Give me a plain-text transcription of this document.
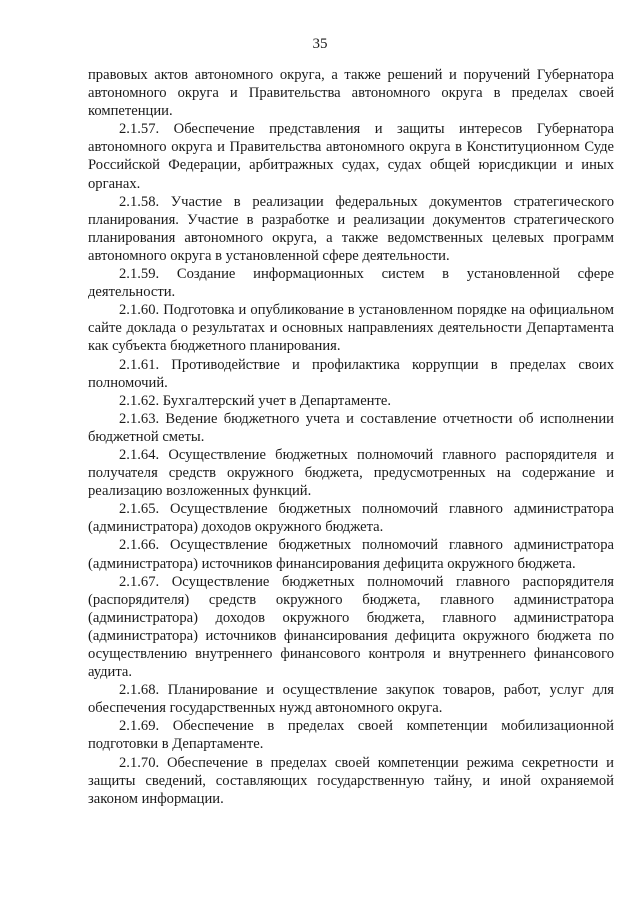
35

правовых актов автономного округа, а также решений и поручений Губернатора автономного округа и Правительства автономного округа в пределах своей компетенции.

2.1.57. Обеспечение представления и защиты интересов Губернатора автономного округа и Правительства автономного округа в Конституционном Суде Российской Федерации, арбитражных судах, судах общей юрисдикции и иных органах.

2.1.58. Участие в реализации федеральных документов стратегического планирования. Участие в разработке и реализации документов стратегического планирования автономного округа, а также ведомственных целевых программ автономного округа в установленной сфере деятельности.

2.1.59. Создание информационных систем в установленной сфере деятельности.

2.1.60. Подготовка и опубликование в установленном порядке на официальном сайте доклада о результатах и основных направлениях деятельности Департамента как субъекта бюджетного планирования.

2.1.61. Противодействие и профилактика коррупции в пределах своих полномочий.

2.1.62. Бухгалтерский учет в Департаменте.

2.1.63. Ведение бюджетного учета и составление отчетности об исполнении бюджетной сметы.

2.1.64. Осуществление бюджетных полномочий главного распорядителя и получателя средств окружного бюджета, предусмотренных на содержание и реализацию возложенных функций.

2.1.65. Осуществление бюджетных полномочий главного администратора (администратора) доходов окружного бюджета.

2.1.66. Осуществление бюджетных полномочий главного администратора (администратора) источников финансирования дефицита окружного бюджета.

2.1.67. Осуществление бюджетных полномочий главного распорядителя (распорядителя) средств окружного бюджета, главного администратора (администратора) доходов окружного бюджета, главного администратора (администратора) источников финансирования дефицита окружного бюджета по осуществлению внутреннего финансового контроля и внутреннего финансового аудита.

2.1.68. Планирование и осуществление закупок товаров, работ, услуг для обеспечения государственных нужд автономного округа.

2.1.69. Обеспечение в пределах своей компетенции мобилизационной подготовки в Департаменте.

2.1.70. Обеспечение в пределах своей компетенции режима секретности и защиты сведений, составляющих государственную тайну, и иной охраняемой законом информации.
